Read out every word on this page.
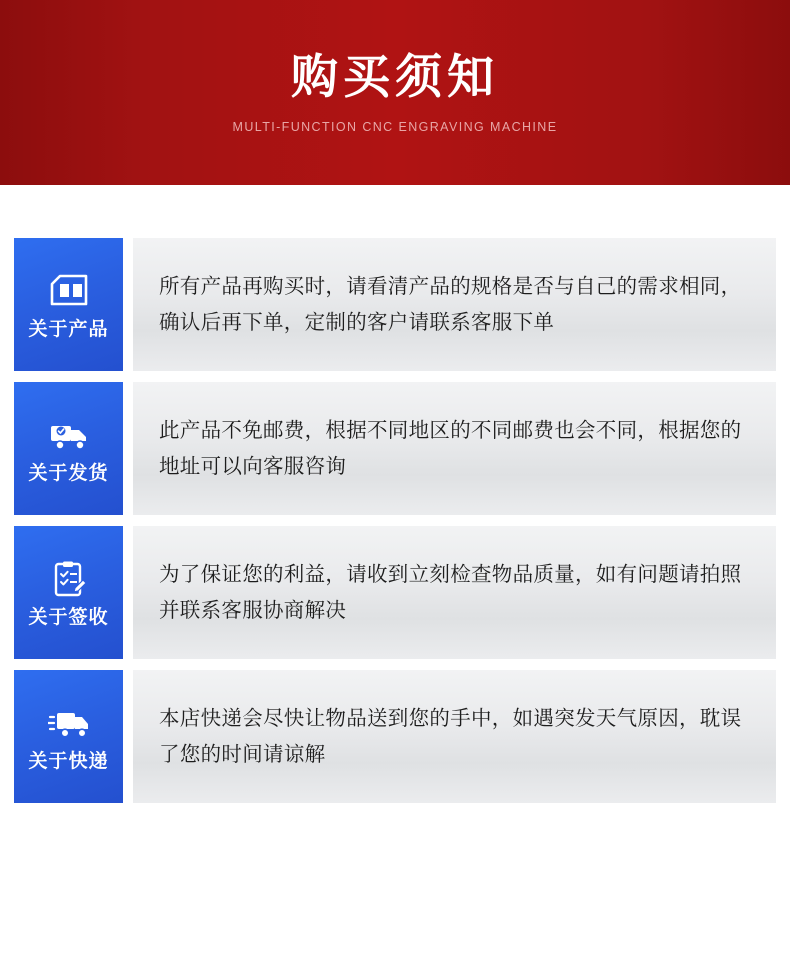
购买须知
MULTI-FUNCTION CNC ENGRAVING MACHINE
关于产品
所有产品再购买时，请看清产品的规格是否与自己的需求相同，确认后再下单，定制的客户请联系客服下单
关于发货
此产品不免邮费，根据不同地区的不同邮费也会不同，根据您的地址可以向客服咨询
关于签收
为了保证您的利益，请收到立刻检查物品质量，如有问题请拍照并联系客服协商解决
关于快递
本店快递会尽快让物品送到您的手中，如遇突发天气原因，耽误了您的时间请谅解
